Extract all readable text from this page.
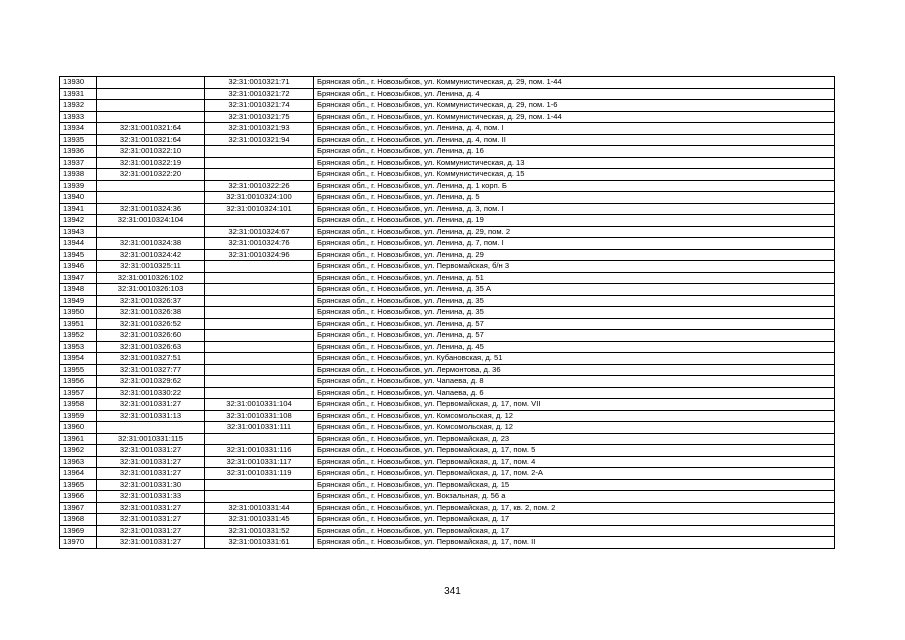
13930		32:31:0010321:71	Брянская обл., г. Новозыбков, ул. Коммунистическая, д. 29, пом. 1-44
13931		32:31:0010321:72	Брянская обл., г. Новозыбков, ул. Ленина, д. 4
13932		32:31:0010321:74	Брянская обл., г. Новозыбков, ул. Коммунистическая, д. 29, пом. 1-6
13933		32:31:0010321:75	Брянская обл., г. Новозыбков, ул. Коммунистическая, д. 29, пом. 1-44
13934	32:31:0010321:64	32:31:0010321:93	Брянская обл., г. Новозыбков, ул. Ленина, д. 4, пом. I
13935	32:31:0010321:64	32:31:0010321:94	Брянская обл., г. Новозыбков, ул. Ленина, д. 4, пом. II
13936	32:31:0010322:10		Брянская обл., г. Новозыбков, ул. Ленина, д. 16
13937	32:31:0010322:19		Брянская обл., г. Новозыбков, ул. Коммунистическая, д. 13
13938	32:31:0010322:20		Брянская обл., г. Новозыбков, ул. Коммунистическая, д. 15
13939		32:31:0010322:26	Брянская обл., г. Новозыбков, ул. Ленина, д. 1 корп. Б
13940		32:31:0010324:100	Брянская обл., г. Новозыбков, ул. Ленина, д. 5
13941	32:31:0010324:36	32:31:0010324:101	Брянская обл., г. Новозыбков, ул. Ленина, д. 3, пом. I
13942	32:31:0010324:104		Брянская обл., г. Новозыбков, ул. Ленина, д. 19
13943		32:31:0010324:67	Брянская обл., г. Новозыбков, ул. Ленина, д. 29, пом. 2
13944	32:31:0010324:38	32:31:0010324:76	Брянская обл., г. Новозыбков, ул. Ленина, д. 7, пом. I
13945	32:31:0010324:42	32:31:0010324:96	Брянская обл., г. Новозыбков, ул. Ленина, д. 29
13946	32:31:0010325:11		Брянская обл., г. Новозыбков, ул. Первомайская, б/н 3
13947	32:31:0010326:102		Брянская обл., г. Новозыбков, ул. Ленина, д. 51
13948	32:31:0010326:103		Брянская обл., г. Новозыбков, ул. Ленина, д. 35 А
13949	32:31:0010326:37		Брянская обл., г. Новозыбков, ул. Ленина, д. 35
13950	32:31:0010326:38		Брянская обл., г. Новозыбков, ул. Ленина, д. 35
13951	32:31:0010326:52		Брянская обл., г. Новозыбков, ул. Ленина, д. 57
13952	32:31:0010326:60		Брянская обл., г. Новозыбков, ул. Ленина, д. 57
13953	32:31:0010326:63		Брянская обл., г. Новозыбков, ул. Ленина, д. 45
13954	32:31:0010327:51		Брянская обл., г. Новозыбков, ул. Кубановская, д. 51
13955	32:31:0010327:77		Брянская обл., г. Новозыбков, ул. Лермонтова, д. 36
13956	32:31:0010329:62		Брянская обл., г. Новозыбков, ул. Чапаева, д. 8
13957	32:31:0010330:22		Брянская обл., г. Новозыбков, ул. Чапаева, д. 6
13958	32:31:0010331:27	32:31:0010331:104	Брянская обл., г. Новозыбков, ул. Первомайская, д. 17, пом. VII
13959	32:31:0010331:13	32:31:0010331:108	Брянская обл., г. Новозыбков, ул. Комсомольская, д. 12
13960		32:31:0010331:111	Брянская обл., г. Новозыбков, ул. Комсомольская, д. 12
13961	32:31:0010331:115		Брянская обл., г. Новозыбков, ул. Первомайская, д. 23
13962	32:31:0010331:27	32:31:0010331:116	Брянская обл., г. Новозыбков, ул. Первомайская, д. 17, пом. 5
13963	32:31:0010331:27	32:31:0010331:117	Брянская обл., г. Новозыбков, ул. Первомайская, д. 17, пом. 4
13964	32:31:0010331:27	32:31:0010331:119	Брянская обл., г. Новозыбков, ул. Первомайская, д. 17, пом. 2-А
13965	32:31:0010331:30		Брянская обл., г. Новозыбков, ул. Первомайская, д. 15
13966	32:31:0010331:33		Брянская обл., г. Новозыбков, ул. Вокзальная, д. 56 а
13967	32:31:0010331:27	32:31:0010331:44	Брянская обл., г. Новозыбков, ул. Первомайская, д. 17, кв. 2, пом. 2
13968	32:31:0010331:27	32:31:0010331:45	Брянская обл., г. Новозыбков, ул. Первомайская, д. 17
13969	32:31:0010331:27	32:31:0010331:52	Брянская обл., г. Новозыбков, ул. Первомайская, д. 17
13970	32:31:0010331:27	32:31:0010331:61	Брянская обл., г. Новозыбков, ул. Первомайская, д. 17, пом. II
341
